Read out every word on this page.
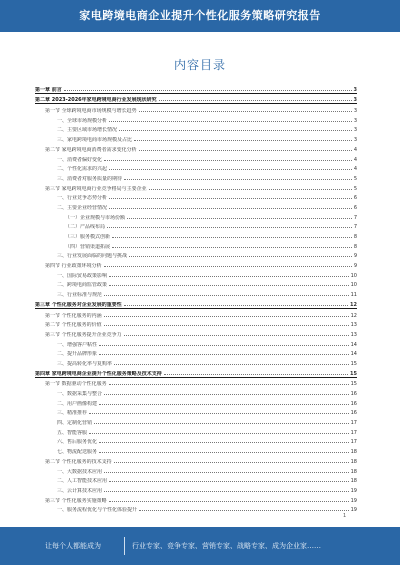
家电跨境电商企业提升个性化服务策略研究报告
内容目录
第一章 前言	3
第二章 2023-2026年家电跨境电商行业发展现状研究	3
第一节 全球跨境电商市场规模与增长趋势	3
一、全球市场规模分析	3
二、主要区域市场增长情况	3
三、家电跨境电商市场规模及占比	3
第二节 家电跨境电商消费者需求变化分析	4
一、消费者偏好变化	4
二、个性化需求的兴起	4
三、消费者对服务质量的期待	5
第三节 家电跨境电商行业竞争格局与主要企业	5
一、行业竞争态势分析	6
二、主要企业经营情况	6
（一）企业规模与市场份额	7
（二）产品线布局	7
（三）服务模式创新	8
（四）营销渠道拓展	8
三、行业发展面临的问题与挑战	9
第四节 行业政策环境分析	9
一、国际贸易政策影响	10
二、跨境电商监管政策	10
三、行业标准与规范	11
第三章 个性化服务对企业发展的重要性	12
第一节 个性化服务的内涵	12
第二节 个性化服务的价值	13
第三节 个性化服务提升企业竞争力	13
一、增强客户粘性	14
二、提升品牌形象	14
三、提高转化率与复购率	15
第四章 家电跨境电商企业提升个性化服务策略及技术支持	15
第一节 数据驱动个性化服务	15
一、数据采集与整合	16
二、用户画像构建	16
三、精准推荐	16
四、定制化营销	17
五、智能客服	17
六、售后服务优化	17
七、物流配送服务	18
第二节 个性化服务的技术支持	18
一、大数据技术应用	18
二、人工智能技术应用	18
三、云计算技术应用	19
第三节 个性化服务实施策略	19
一、服务流程优化与个性化体验提升	19
1
让每个人都能成为	行业专家、竞争专家、营销专家、战略专家、成为企业家……
